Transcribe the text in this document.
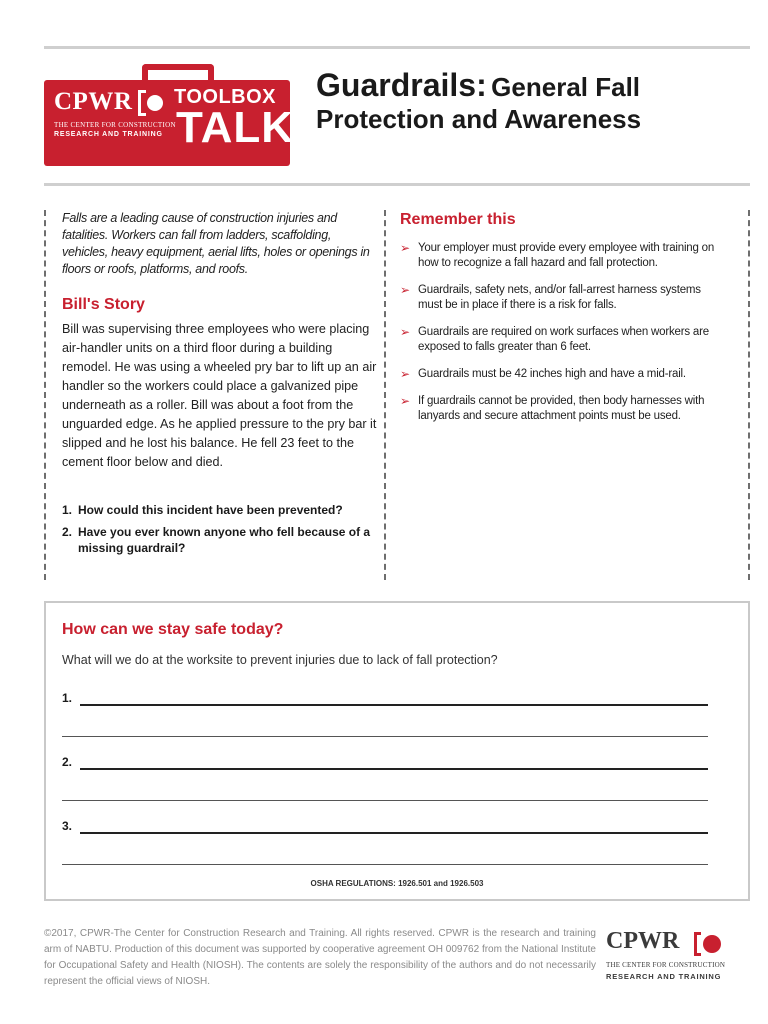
CPWR
THE CENTER FOR CONSTRUCTION
RESEARCH AND TRAINING
TOOLBOX
TALK
Guardrails: General Fall
Protection and Awareness

Falls are a leading cause of construction injuries and fatalities. Workers can fall from ladders, scaffolding, vehicles, heavy equipment, aerial lifts, holes or openings in floors or roofs, platforms, and roofs.

Bill's Story

Bill was supervising three employees who were placing air-handler units on a third floor during a building remodel. He was using a wheeled pry bar to lift up an air handler so the workers could place a galvanized pipe underneath as a roller. Bill was about a foot from the unguarded edge. As he applied pressure to the pry bar it slipped and he lost his balance. He fell 23 feet to the cement floor below and died.

1. How could this incident have been prevented?
2. Have you ever known anyone who fell because of a missing guardrail?
Remember this
➢ Your employer must provide every employee with training on how to recognize a fall hazard and fall protection.
➢ Guardrails, safety nets, and/or fall-arrest harness systems must be in place if there is a risk for falls.
➢ Guardrails are required on work surfaces when workers are exposed to falls greater than 6 feet.
➢ Guardrails must be 42 inches high and have a mid-rail.
➢ If guardrails cannot be provided, then body harnesses with lanyards and secure attachment points must be used.
How can we stay safe today?

What will we do at the worksite to prevent injuries due to lack of fall protection?

1.
2.
3.
OSHA REGULATIONS: 1926.501 and 1926.503

©2017, CPWR-The Center for Construction Research and Training. All rights reserved. CPWR is the research and training arm of NABTU. Production of this document was supported by cooperative agreement OH 009762 from the National Institute for Occupational Safety and Health (NIOSH). The contents are solely the responsibility of the authors and do not necessarily represent the official views of NIOSH.

CPWR
THE CENTER FOR CONSTRUCTION
RESEARCH AND TRAINING
